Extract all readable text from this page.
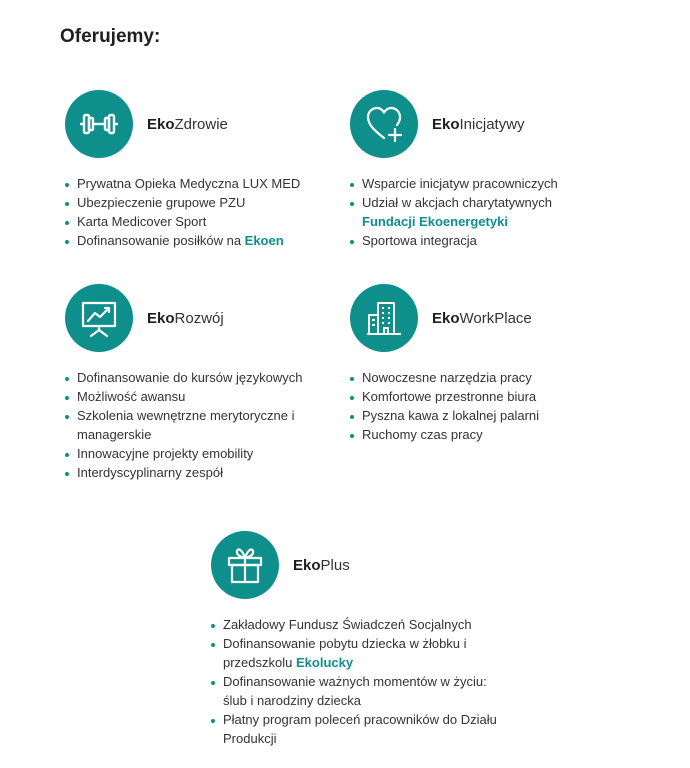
Oferujemy:
EkoZdrowie
Prywatna Opieka Medyczna LUX MED
Ubezpieczenie grupowe PZU
Karta Medicover Sport
Dofinansowanie posiłków na Ekoen
EkoInicjatywy
Wsparcie inicjatyw pracowniczych
Udział w akcjach charytatywnych Fundacji Ekoenergetyki
Sportowa integracja
EkoRozwój
Dofinansowanie do kursów językowych
Możliwość awansu
Szkolenia wewnętrzne merytoryczne i managerskie
Innowacyjne projekty emobility
Interdyscyplinarny zespół
EkoWorkPlace
Nowoczesne narzędzia pracy
Komfortowe przestronne biura
Pyszna kawa z lokalnej palarni
Ruchomy czas pracy
EkoPlus
Zakładowy Fundusz Świadczeń Socjalnych
Dofinansowanie pobytu dziecka w żłobku i przedszkolu Ekolucky
Dofinansowanie ważnych momentów w życiu: ślub i narodziny dziecka
Płatny program poleceń pracowników do Działu Produkcji
